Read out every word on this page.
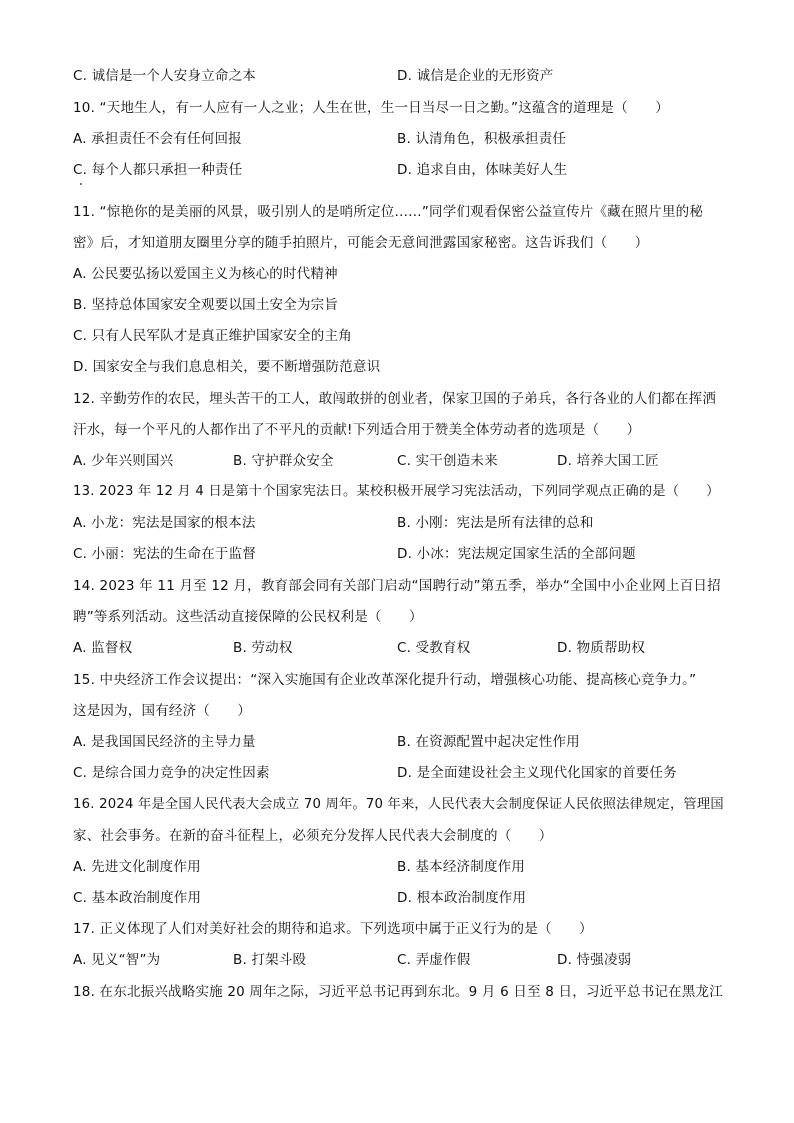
C. 诚信是一个人安身立命之本	D. 诚信是企业的无形资产
10. “天地生人，有一人应有一人之业；人生在世，生一日当尽一日之勤。”这蕴含的道理是（　　）
A. 承担责任不会有任何回报	B. 认清角色，积极承担责任
C. 每个人都只承担一种责任	D. 追求自由，体味美好人生
11. “惊艳你的是美丽的风景，吸引别人的是哨所定位……”同学们观看保密公益宣传片《藏在照片里的秘
密》后，才知道朋友圈里分享的随手拍照片，可能会无意间泄露国家秘密。这告诉我们（　　）
A. 公民要弘扬以爱国主义为核心的时代精神
B. 坚持总体国家安全观要以国土安全为宗旨
C. 只有人民军队才是真正维护国家安全的主角
D. 国家安全与我们息息相关，要不断增强防范意识
12. 辛勤劳作的农民，埋头苦干的工人，敢闯敢拼的创业者，保家卫国的子弟兵，各行各业的人们都在挥洒
汗水，每一个平凡的人都作出了不平凡的贡献!下列适合用于赞美全体劳动者的选项是（　　）
A. 少年兴则国兴	B. 守护群众安全	C. 实干创造未来	D. 培养大国工匠
13. 2023 年 12 月 4 日是第十个国家宪法日。某校积极开展学习宪法活动，下列同学观点正确的是（　　）
A. 小龙：宪法是国家的根本法	B. 小刚：宪法是所有法律的总和
C. 小丽：宪法的生命在于监督	D. 小冰：宪法规定国家生活的全部问题
14. 2023 年 11 月至 12 月，教育部会同有关部门启动“国聘行动”第五季，举办“全国中小企业网上百日招
聘”等系列活动。这些活动直接保障的公民权利是（　　）
A. 监督权	B. 劳动权	C. 受教育权	D. 物质帮助权
15. 中央经济工作会议提出：“深入实施国有企业改革深化提升行动，增强核心功能、提高核心竞争力。”
这是因为，国有经济（　　）
A. 是我国国民经济的主导力量	B. 在资源配置中起决定性作用
C. 是综合国力竞争的决定性因素	D. 是全面建设社会主义现代化国家的首要任务
16. 2024 年是全国人民代表大会成立 70 周年。70 年来，人民代表大会制度保证人民依照法律规定，管理国
家、社会事务。在新的奋斗征程上，必须充分发挥人民代表大会制度的（　　）
A. 先进文化制度作用	B. 基本经济制度作用
C. 基本政治制度作用	D. 根本政治制度作用
17. 正义体现了人们对美好社会的期待和追求。下列选项中属于正义行为的是（　　）
A. 见义“智”为	B. 打架斗殴	C. 弄虚作假	D. 恃强凌弱
18. 在东北振兴战略实施 20 周年之际，习近平总书记再到东北。9 月 6 日至 8 日，习近平总书记在黑龙江
